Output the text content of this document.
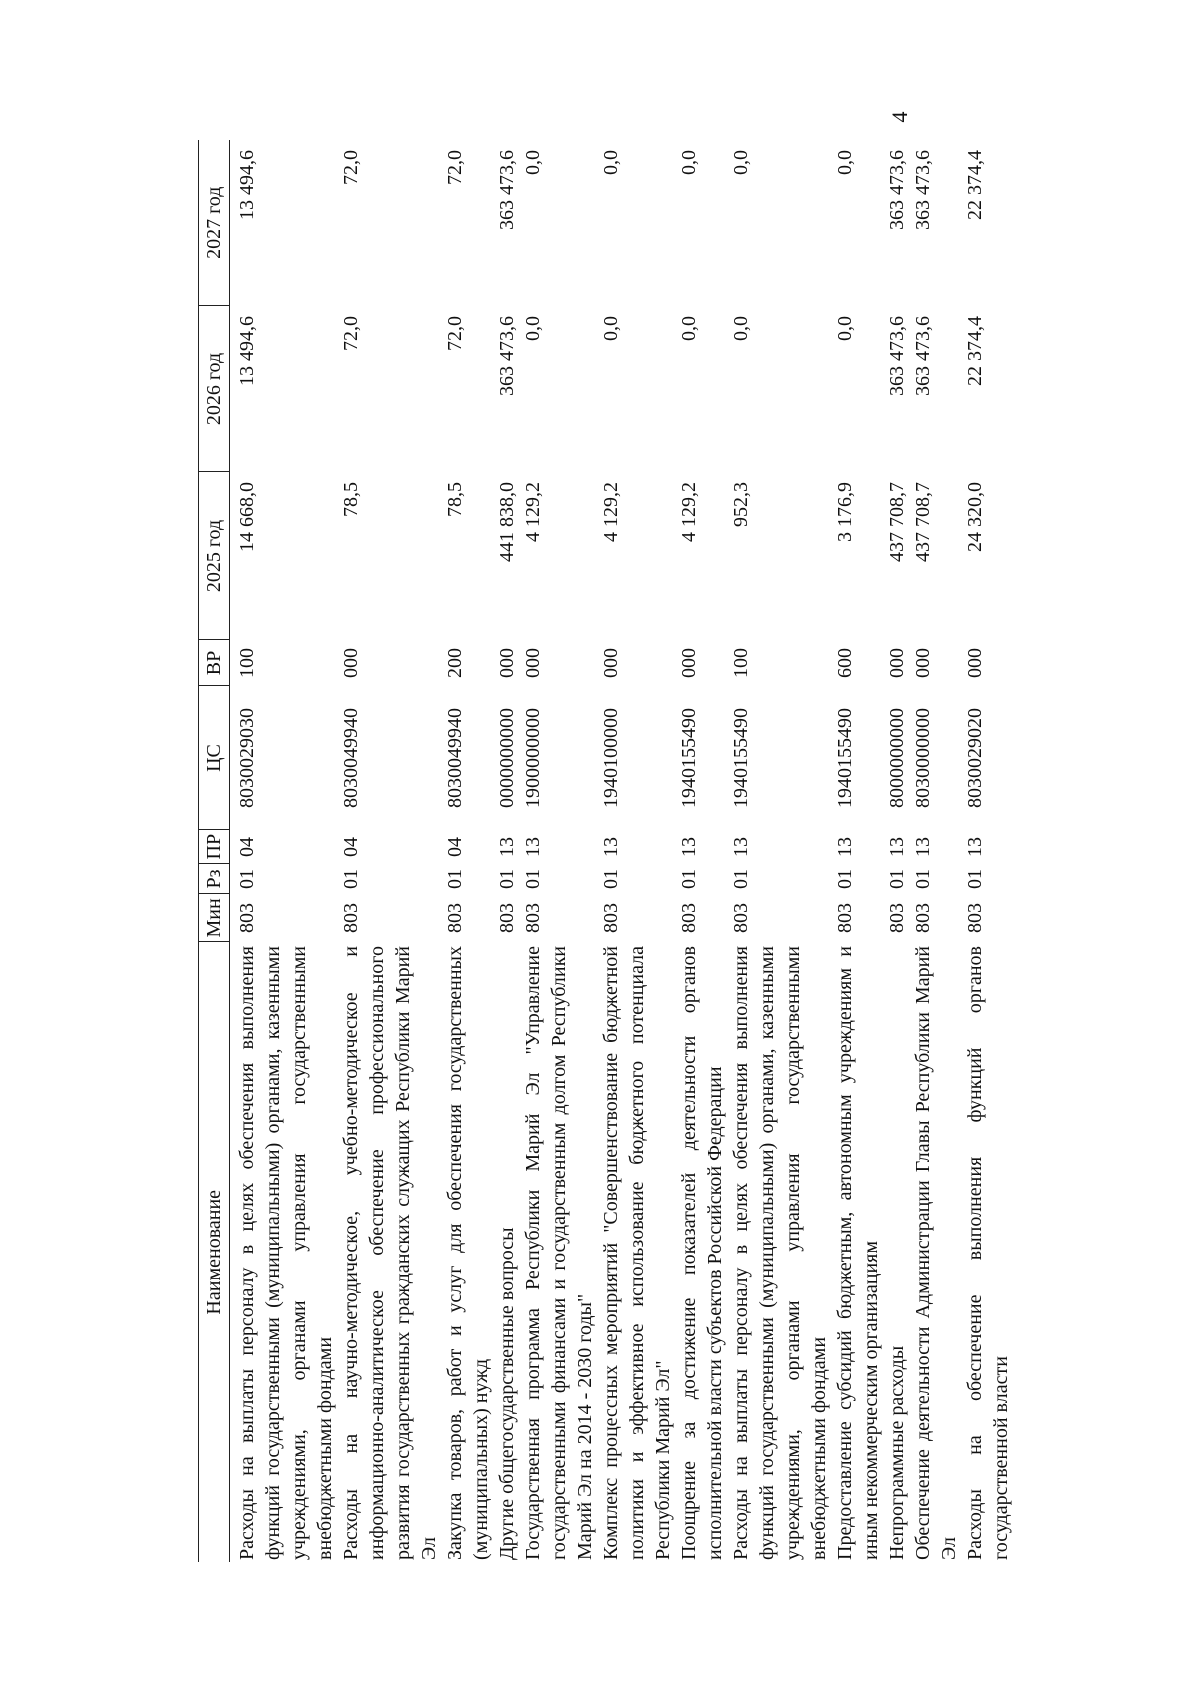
4
Наименование	Мин	Рз	ПР	ЦС	ВР	2025 год	2026 год	2027 год
Расходы на выплаты персоналу в целях обеспечения выполнения функций государственными (муниципальными) органами, казенными учреждениями, органами управления государственными внебюджетными фондами	803	01	04	8030029030	100	14 668,0	13 494,6	13 494,6
Расходы на научно-методическое, учебно-методическое и информационно-аналитическое обеспечение профессионального развития государственных гражданских служащих Республики Марий Эл	803	01	04	8030049940	000	78,5	72,0	72,0
Закупка товаров, работ и услуг для обеспечения государственных (муниципальных) нужд	803	01	04	8030049940	200	78,5	72,0	72,0
Другие общегосударственные вопросы	803	01	13	0000000000	000	441 838,0	363 473,6	363 473,6
Государственная программа Республики Марий Эл "Управление государственными финансами и государственным долгом Республики Марий Эл на 2014 - 2030 годы"	803	01	13	1900000000	000	4 129,2	0,0	0,0
Комплекс процессных мероприятий "Совершенствование бюджетной политики и эффективное использование бюджетного потенциала Республики Марий Эл"	803	01	13	1940100000	000	4 129,2	0,0	0,0
Поощрение за достижение показателей деятельности органов исполнительной власти субъектов Российской Федерации	803	01	13	1940155490	000	4 129,2	0,0	0,0
Расходы на выплаты персоналу в целях обеспечения выполнения функций государственными (муниципальными) органами, казенными учреждениями, органами управления государственными внебюджетными фондами	803	01	13	1940155490	100	952,3	0,0	0,0
Предоставление субсидий бюджетным, автономным учреждениям и иным некоммерческим организациям	803	01	13	1940155490	600	3 176,9	0,0	0,0
Непрограммные расходы	803	01	13	8000000000	000	437 708,7	363 473,6	363 473,6
Обеспечение деятельности Администрации Главы Республики Марий Эл	803	01	13	8030000000	000	437 708,7	363 473,6	363 473,6
Расходы на обеспечение выполнения функций органов государственной власти	803	01	13	8030029020	000	24 320,0	22 374,4	22 374,4
